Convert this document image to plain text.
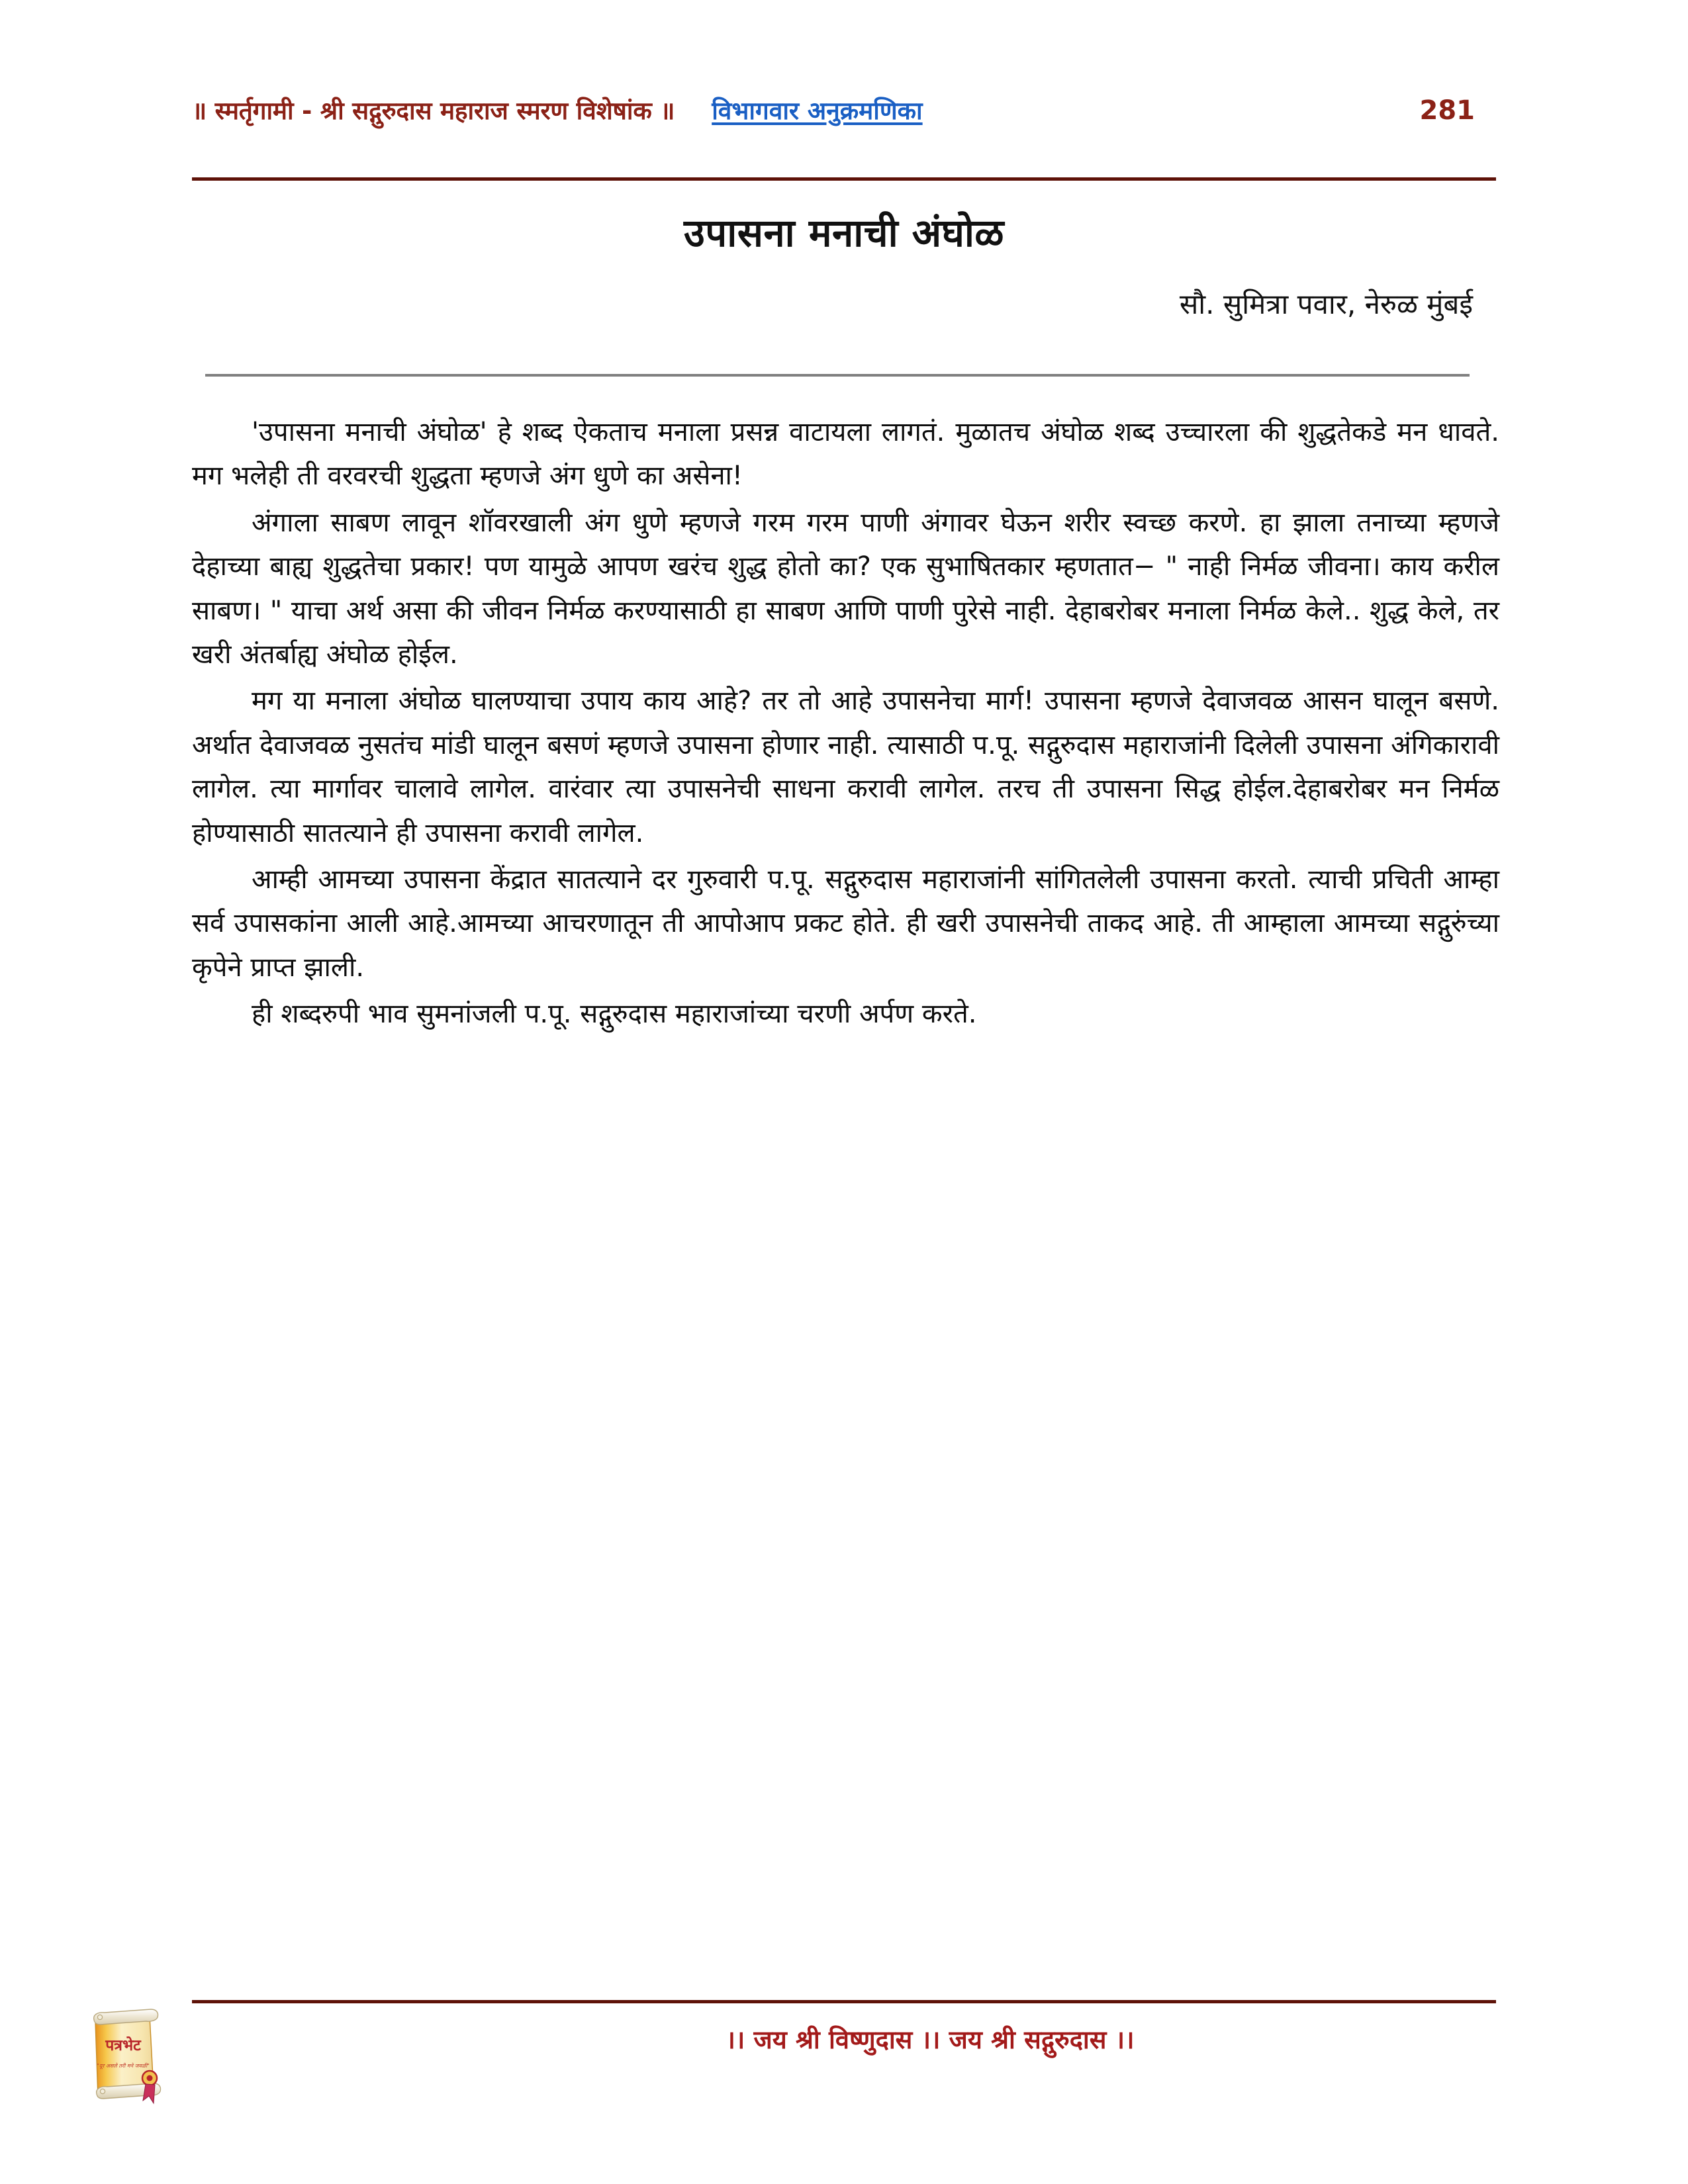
॥ स्मर्तृगामी - श्री सद्गुरुदास महाराज स्मरण विशेषांक ॥ विभागवार अनुक्रमणिका	281
उपासना मनाची अंघोळ
सौ. सुमित्रा पवार, नेरुळ मुंबई

'उपासना मनाची अंघोळ' हे शब्द ऐकताच मनाला प्रसन्न वाटायला लागतं. मुळातच अंघोळ शब्द उच्चारला की शुद्धतेकडे मन धावते. मग भलेही ती वरवरची शुद्धता म्हणजे अंग धुणे का असेना!

अंगाला साबण लावून शॉवरखाली अंग धुणे म्हणजे गरम गरम पाणी अंगावर घेऊन शरीर स्वच्छ करणे. हा झाला तनाच्या म्हणजे देहाच्या बाह्य शुद्धतेचा प्रकार! पण यामुळे आपण खरंच शुद्ध होतो का? एक सुभाषितकार म्हणतात− " नाही निर्मळ जीवना। काय करील साबण। " याचा अर्थ असा की जीवन निर्मळ करण्यासाठी हा साबण आणि पाणी पुरेसे नाही. देहाबरोबर मनाला निर्मळ केले.. शुद्ध केले, तर खरी अंतर्बाह्य अंघोळ होईल.

मग या मनाला अंघोळ घालण्याचा उपाय काय आहे? तर तो आहे उपासनेचा मार्ग! उपासना म्हणजे देवाजवळ आसन घालून बसणे. अर्थात देवाजवळ नुसतंच मांडी घालून बसणं म्हणजे उपासना होणार नाही. त्यासाठी प.पू. सद्गुरुदास महाराजांनी दिलेली उपासना अंगिकारावी लागेल. त्या मार्गावर चालावे लागेल. वारंवार त्या उपासनेची साधना करावी लागेल. तरच ती उपासना सिद्ध होईल.देहाबरोबर मन निर्मळ होण्यासाठी सातत्याने ही उपासना करावी लागेल.

आम्ही आमच्या उपासना केंद्रात सातत्याने दर गुरुवारी प.पू. सद्गुरुदास महाराजांनी सांगितलेली उपासना करतो. त्याची प्रचिती आम्हा सर्व उपासकांना आली आहे.आमच्या आचरणातून ती आपोआप प्रकट होते. ही खरी उपासनेची ताकद आहे. ती आम्हाला आमच्या सद्गुरुंच्या कृपेने प्राप्त झाली.

ही शब्दरुपी भाव सुमनांजली प.पू. सद्गुरुदास महाराजांच्या चरणी अर्पण करते.

।। जय श्री विष्णुदास ।। जय श्री सद्गुरुदास ।।
पत्रभेट
"दूर असले तरी मने जवळी"
